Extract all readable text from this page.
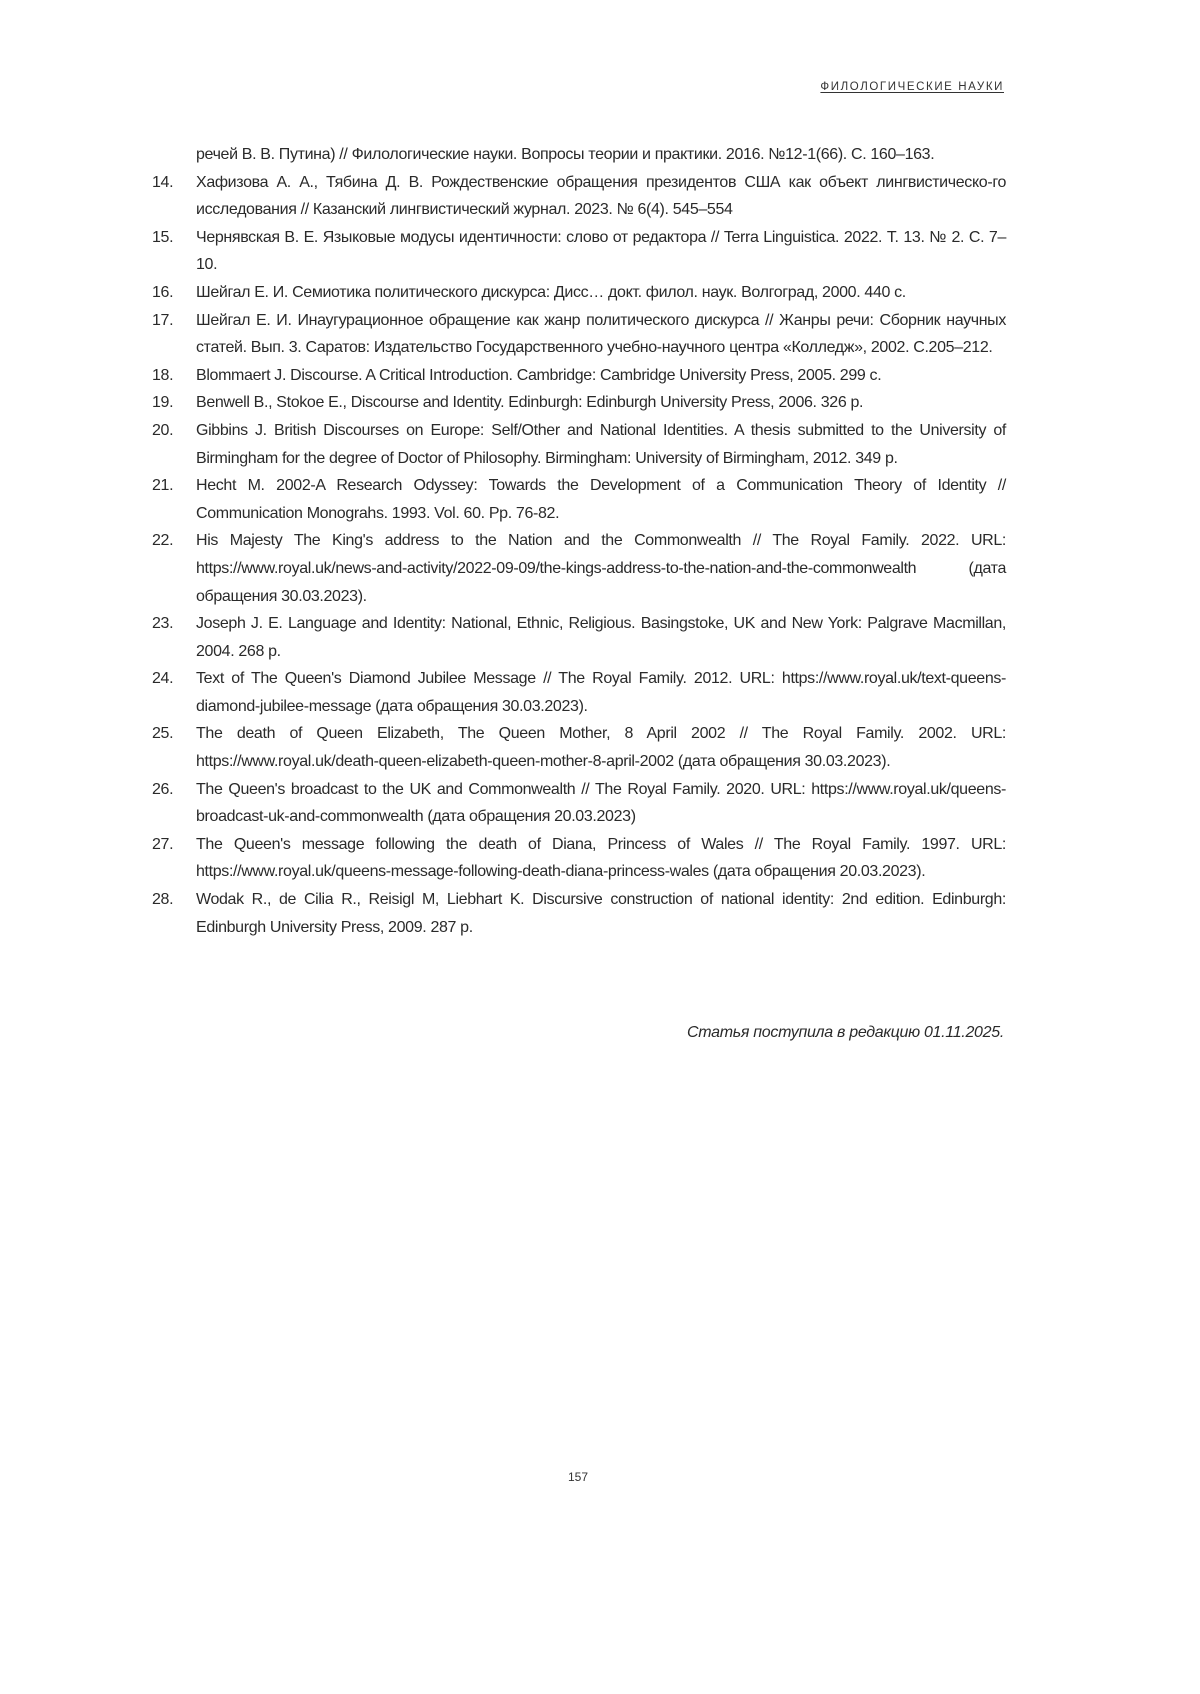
ФИЛОЛОГИЧЕСКИЕ НАУКИ
речей В. В. Путина) // Филологические науки. Вопросы теории и практики. 2016. №12-1(66). С. 160–163.
14.	Хафизова А. А., Тябина Д. В. Рождественские обращения президентов США как объект лингвистическо-го исследования // Казанский лингвистический журнал. 2023. № 6(4). 545–554
15.	Чернявская В. Е. Языковые модусы идентичности: слово от редактора // Terra Linguistica. 2022. Т. 13. № 2. С. 7–10.
16.	Шейгал Е. И. Семиотика политического дискурса: Дисс… докт. филол. наук. Волгоград, 2000. 440 с.
17.	Шейгал Е. И. Инаугурационное обращение как жанр политического дискурса // Жанры речи: Сборник научных статей. Вып. 3. Саратов: Издательство Государственного учебно-научного центра «Колледж», 2002. С.205–212.
18.	Blommaert J. Discourse. A Critical Introduction. Cambridge: Cambridge University Press, 2005. 299 с.
19.	Benwell B., Stokoe E., Discourse and Identity. Edinburgh: Edinburgh University Press, 2006. 326 p.
20.	Gibbins J. British Discourses on Europe: Self/Other and National Identities. A thesis submitted to the University of Birmingham for the degree of Doctor of Philosophy. Birmingham: University of Birmingham, 2012. 349 p.
21.	Hecht M. 2002-A Research Odyssey: Towards the Development of a Communication Theory of Identity // Communication Monograhs. 1993. Vol. 60. Pp. 76-82.
22.	His Majesty The King's address to the Nation and the Commonwealth // The Royal Family. 2022. URL: https://www.royal.uk/news-and-activity/2022-09-09/the-kings-address-to-the-nation-and-the-commonwealth (дата обращения 30.03.2023).
23.	Joseph J. E. Language and Identity: National, Ethnic, Religious. Basingstoke, UK and New York: Palgrave Macmillan, 2004. 268 p.
24.	Text of The Queen's Diamond Jubilee Message // The Royal Family. 2012. URL: https://www.royal.uk/text-queens-diamond-jubilee-message (дата обращения 30.03.2023).
25.	The death of Queen Elizabeth, The Queen Mother, 8 April 2002 // The Royal Family. 2002. URL: https://www.royal.uk/death-queen-elizabeth-queen-mother-8-april-2002 (дата обращения 30.03.2023).
26.	The Queen's broadcast to the UK and Commonwealth // The Royal Family. 2020. URL: https://www.royal.uk/queens-broadcast-uk-and-commonwealth (дата обращения 20.03.2023)
27.	The Queen's message following the death of Diana, Princess of Wales // The Royal Family. 1997. URL: https://www.royal.uk/queens-message-following-death-diana-princess-wales (дата обращения 20.03.2023).
28.	Wodak R., de Cilia R., Reisigl M, Liebhart K. Discursive construction of national identity: 2nd edition. Edinburgh: Edinburgh University Press, 2009. 287 p.
Статья поступила в редакцию 01.11.2025.
157
